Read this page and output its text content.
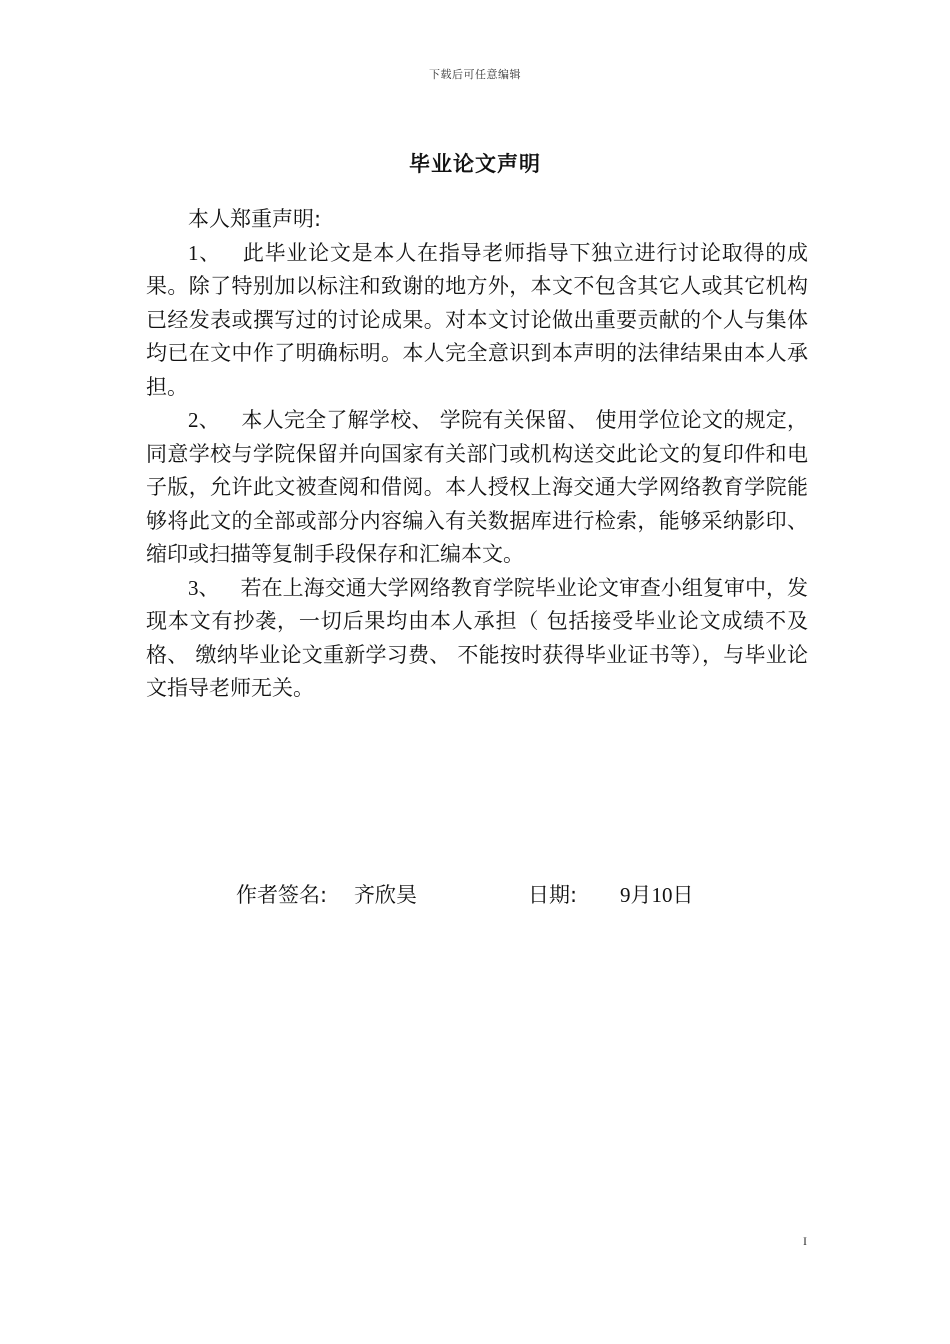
下载后可任意编辑
毕业论文声明

本人郑重声明:

1、  此毕业论文是本人在指导老师指导下独立进行讨论取得的成果。除了特别加以标注和致谢的地方外，本文不包含其它人或其它机构已经发表或撰写过的讨论成果。对本文讨论做出重要贡献的个人与集体均已在文中作了明确标明。本人完全意识到本声明的法律结果由本人承担。

2、  本人完全了解学校、 学院有关保留、 使用学位论文的规定，同意学校与学院保留并向国家有关部门或机构送交此论文的复印件和电子版，允许此文被查阅和借阅。本人授权上海交通大学网络教育学院能够将此文的全部或部分内容编入有关数据库进行检索，能够采纳影印、 缩印或扫描等复制手段保存和汇编本文。

3、  若在上海交通大学网络教育学院毕业论文审查小组复审中，发现本文有抄袭，一切后果均由本人承担（ 包括接受毕业论文成绩不及格、 缴纳毕业论文重新学习费、 不能按时获得毕业证书等），与毕业论文指导老师无关。

作者签名: 齐欣昊	日期: 9月10日
I
